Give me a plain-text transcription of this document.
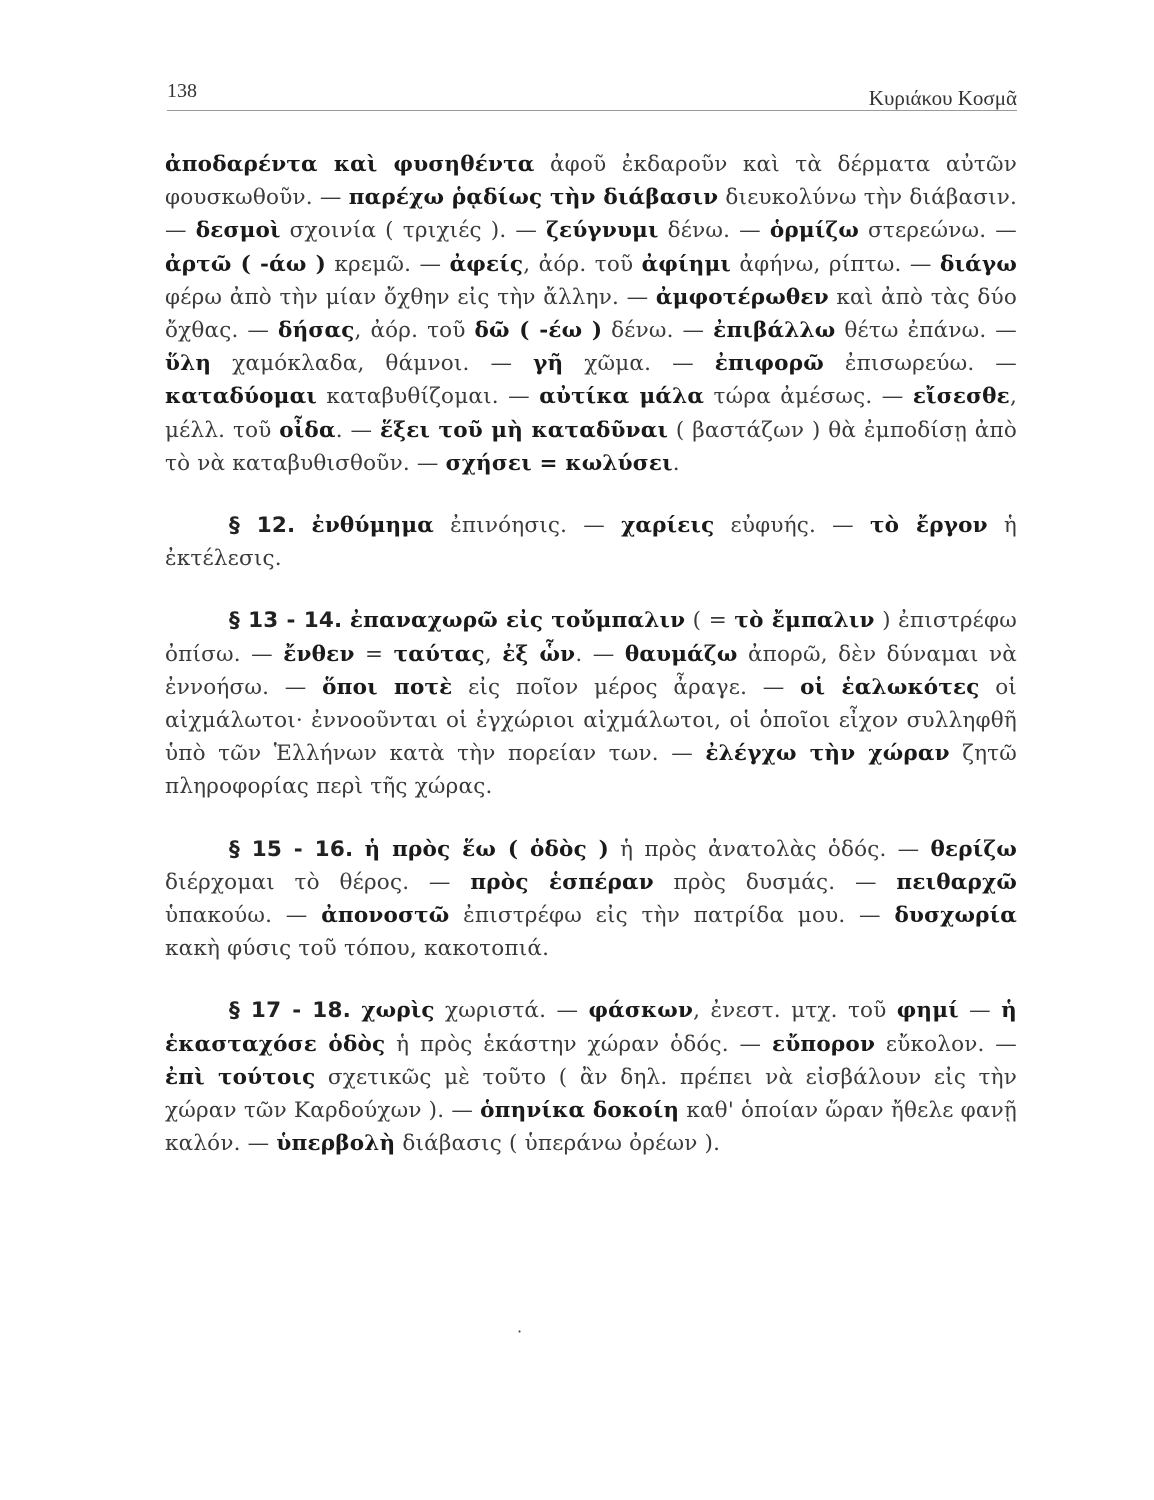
138	Κυριάκου Κοσμᾶ

ἀποδαρέντα καὶ φυσηθέντα ἀφοῦ ἐκδαροῦν καὶ τὰ δέρματα αὐτῶν φουσκωθοῦν. — παρέχω ῥᾳδίως τὴν διάβασιν διευκολύνω τὴν διάβασιν. — δεσμοὶ σχοινία ( τριχιές ). — ζεύγνυμι δένω. — ὁρμίζω στερεώνω. — ἀρτῶ ( -άω ) κρεμῶ. — ἀφείς, ἀόρ. τοῦ ἀφίημι ἀφήνω, ρίπτω. — διάγω φέρω ἀπὸ τὴν μίαν ὄχθην εἰς τὴν ἄλλην. — ἀμφοτέρωθεν καὶ ἀπὸ τὰς δύο ὄχθας. — δήσας, ἀόρ. τοῦ δῶ ( -έω ) δένω. — ἐπιβάλλω θέτω ἐπάνω. — ὕλη χαμόκλαδα, θάμνοι. — γῆ χῶμα. — ἐπιφορῶ ἐπισωρεύω. — καταδύομαι καταβυθίζομαι. — αὐτίκα μάλα τώρα ἀμέσως. — εἴσεσθε, μέλλ. τοῦ οἶδα. — ἕξει τοῦ μὴ καταδῦναι ( βαστάζων ) θὰ ἐμποδίσῃ ἀπὸ τὸ νὰ καταβυθισθοῦν. — σχήσει = κωλύσει.

§ 12. ἐνθύμημα ἐπινόησις. — χαρίεις εὐφυής. — τὸ ἔργον ἡ ἐκτέλεσις.

§ 13 - 14. ἐπαναχωρῶ εἰς τοὔμπαλιν ( = τὸ ἔμπαλιν ) ἐπιστρέφω ὀπίσω. — ἔνθεν = ταύτας, ἐξ ὧν. — θαυμάζω ἀπορῶ, δὲν δύναμαι νὰ ἐννοήσω. — ὅποι ποτὲ εἰς ποῖον μέρος ἆραγε. — οἱ ἑαλωκότες οἱ αἰχμάλωτοι· ἐννοοῦνται οἱ ἐγχώριοι αἰχμάλωτοι, οἱ ὁποῖοι εἶχον συλληφθῆ ὑπὸ τῶν Ἑλλήνων κατὰ τὴν πορείαν των. — ἐλέγχω τὴν χώραν ζητῶ πληροφορίας περὶ τῆς χώρας.

§ 15 - 16. ἡ πρὸς ἕω ( ὁδὸς ) ἡ πρὸς ἀνατολὰς ὁδός. — θερίζω διέρχομαι τὸ θέρος. — πρὸς ἑσπέραν πρὸς δυσμάς. — πειθαρχῶ ὑπακούω. — ἀπονοστῶ ἐπιστρέφω εἰς τὴν πατρίδα μου. — δυσχωρία κακὴ φύσις τοῦ τόπου, κακοτοπιά.

§ 17 - 18. χωρὶς χωριστά. — φάσκων, ἐνεστ. μτχ. τοῦ φημί — ἡ ἑκασταχόσε ὁδὸς ἡ πρὸς ἑκάστην χώραν ὁδός. — εὔπορον εὔκολον. — ἐπὶ τούτοις σχετικῶς μὲ τοῦτο ( ἂν δηλ. πρέπει νὰ εἰσβάλουν εἰς τὴν χώραν τῶν Καρδούχων ). — ὁπηνίκα δοκοίη καθ' ὁποίαν ὥραν ἤθελε φανῇ καλόν. — ὑπερβολὴ διάβασις ( ὑπεράνω ὀρέων ).

·
